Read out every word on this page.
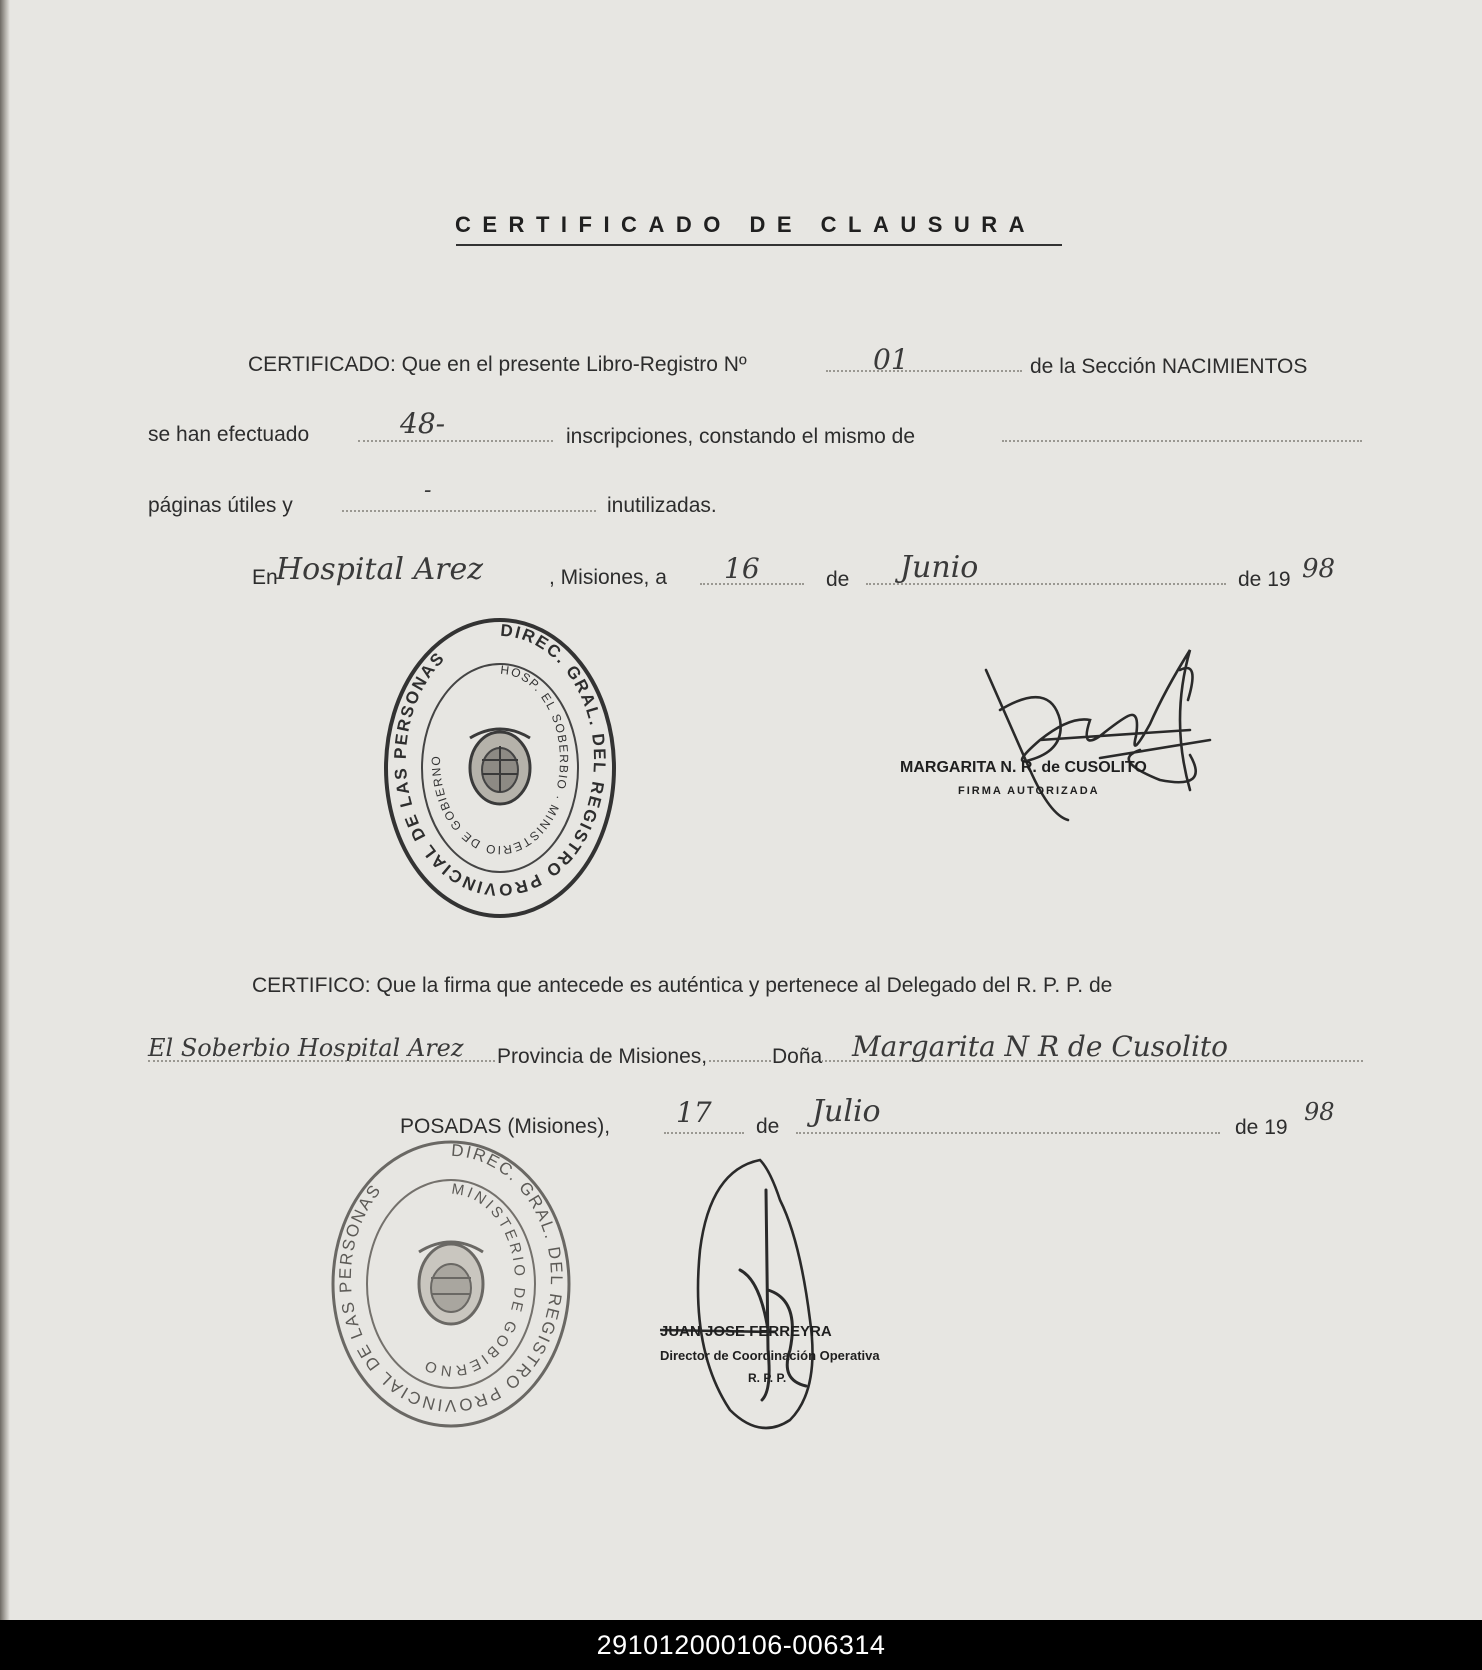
CERTIFICADO DE CLAUSURA
CERTIFICADO: Que en el presente Libro-Registro Nº	01	de la Sección NACIMIENTOS
se han efectuado	48-	inscripciones, constando el mismo de
páginas útiles y
-
inutilizadas.
En
Hospital Arez	, Misiones, a 16	de Junio	de 19 98
DIREC. GRAL. DEL REGISTRO PROVINCIAL DE LAS PERSONAS	HOSP. EL SOBERBIO · MINISTERIO DE GOBIERNO	MARGARITA N. R. de CUSOLITO
FIRMA AUTORIZADA
CERTIFICO: Que la firma que antecede es auténtica y pertenece al Delegado del R. P. P. de
El Soberbio Hospital Arez Provincia de Misiones,	Doña Margarita N R de Cusolito
POSADAS (Misiones), 17 de Julio	de 19
98
DIREC. GRAL. DEL REGISTRO PROVINCIAL DE LAS PERSONAS	MINISTERIO DE GOBIERNO
JUAN JOSE FERREYRA
Director de Coordinación Operativa
R. P. P.
291012000106-006314
